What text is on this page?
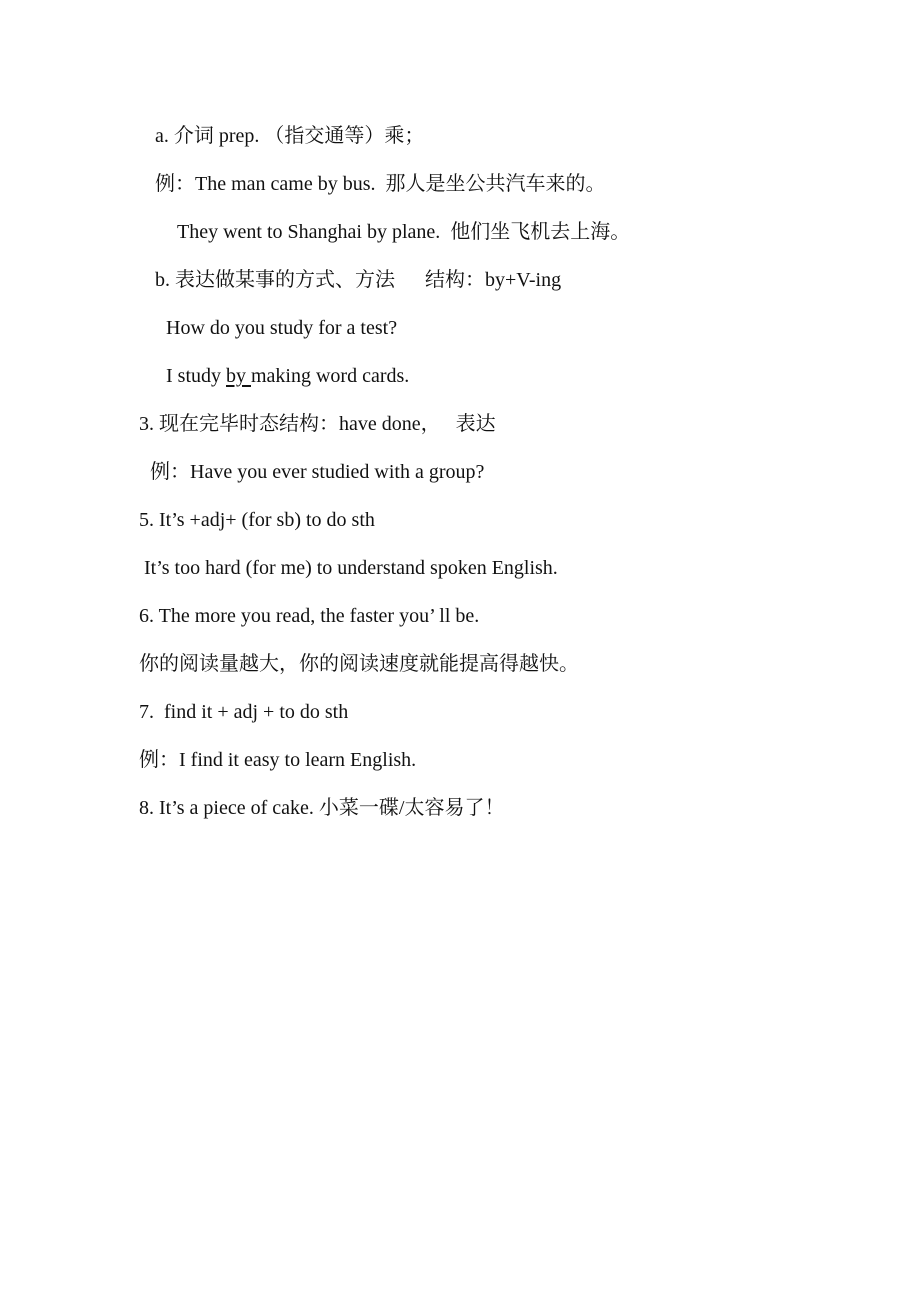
a. 介词 prep. （指交通等）乘；
例：The man came by bus.  那人是坐公共汽车来的。
They went to Shanghai by plane.  他们坐飞机去上海。
b. 表达做某事的方式、方法      结构：by+V-ing
How do you study for a test?
I study by making word cards.
3. 现在完毕时态结构：have done，   表达
例：Have you ever studied with a group?
5. It’s +adj+ (for sb) to do sth
It’s too hard (for me) to understand spoken English.
6. The more you read, the faster you’ ll be.
你的阅读量越大，你的阅读速度就能提高得越快。
7.  find it + adj + to do sth
例：I find it easy to learn English.
8. It’s a piece of cake. 小菜一碟/太容易了！
